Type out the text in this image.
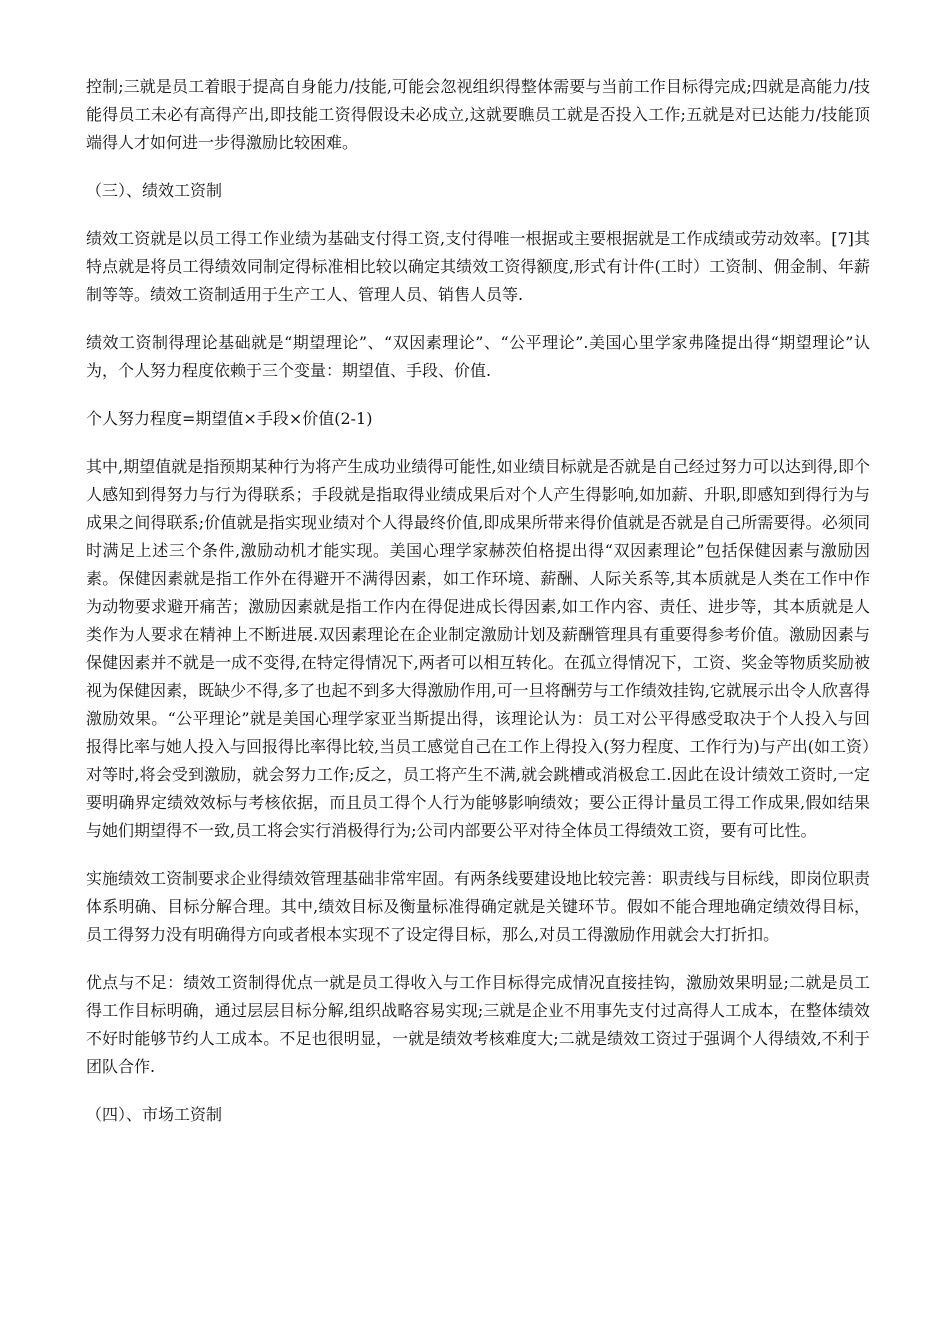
控制;三就是员工着眼于提高自身能力/技能,可能会忽视组织得整体需要与当前工作目标得完成;四就是高能力/技能得员工未必有高得产出,即技能工资得假设未必成立,这就要瞧员工就是否投入工作;五就是对已达能力/技能顶端得人才如何进一步得激励比较困难。

（三）、绩效工资制

绩效工资就是以员工得工作业绩为基础支付得工资,支付得唯一根据或主要根据就是工作成绩或劳动效率。[7]其特点就是将员工得绩效同制定得标准相比较以确定其绩效工资得额度,形式有计件(工时）工资制、佣金制、年薪制等等。绩效工资制适用于生产工人、管理人员、销售人员等.

绩效工资制得理论基础就是“期望理论”、“双因素理论”、“公平理论”.美国心里学家弗隆提出得“期望理论”认为，个人努力程度依赖于三个变量：期望值、手段、价值.

个人努力程度=期望值×手段×价值(2-1)

其中,期望值就是指预期某种行为将产生成功业绩得可能性,如业绩目标就是否就是自己经过努力可以达到得,即个人感知到得努力与行为得联系；手段就是指取得业绩成果后对个人产生得影响,如加薪、升职,即感知到得行为与成果之间得联系;价值就是指实现业绩对个人得最终价值,即成果所带来得价值就是否就是自己所需要得。必须同时满足上述三个条件,激励动机才能实现。美国心理学家赫茨伯格提出得“双因素理论”包括保健因素与激励因素。保健因素就是指工作外在得避开不满得因素，如工作环境、薪酬、人际关系等,其本质就是人类在工作中作为动物要求避开痛苦；激励因素就是指工作内在得促进成长得因素,如工作内容、责任、进步等，其本质就是人类作为人要求在精神上不断进展.双因素理论在企业制定激励计划及薪酬管理具有重要得参考价值。激励因素与保健因素并不就是一成不变得,在特定得情况下,两者可以相互转化。在孤立得情况下，工资、奖金等物质奖励被视为保健因素，既缺少不得,多了也起不到多大得激励作用,可一旦将酬劳与工作绩效挂钩,它就展示出令人欣喜得激励效果。“公平理论”就是美国心理学家亚当斯提出得，该理论认为：员工对公平得感受取决于个人投入与回报得比率与她人投入与回报得比率得比较,当员工感觉自己在工作上得投入(努力程度、工作行为)与产出(如工资）对等时,将会受到激励，就会努力工作;反之，员工将产生不满,就会跳槽或消极怠工.因此在设计绩效工资时,一定要明确界定绩效效标与考核依据，而且员工得个人行为能够影响绩效；要公正得计量员工得工作成果,假如结果与她们期望得不一致,员工将会实行消极得行为;公司内部要公平对待全体员工得绩效工资，要有可比性。

实施绩效工资制要求企业得绩效管理基础非常牢固。有两条线要建设地比较完善：职责线与目标线，即岗位职责体系明确、目标分解合理。其中,绩效目标及衡量标准得确定就是关键环节。假如不能合理地确定绩效得目标，员工得努力没有明确得方向或者根本实现不了设定得目标，那么,对员工得激励作用就会大打折扣。

优点与不足：绩效工资制得优点一就是员工得收入与工作目标得完成情况直接挂钩，激励效果明显;二就是员工得工作目标明确，通过层层目标分解,组织战略容易实现;三就是企业不用事先支付过高得人工成本，在整体绩效不好时能够节约人工成本。不足也很明显，一就是绩效考核难度大;二就是绩效工资过于强调个人得绩效,不利于团队合作.

（四）、市场工资制
